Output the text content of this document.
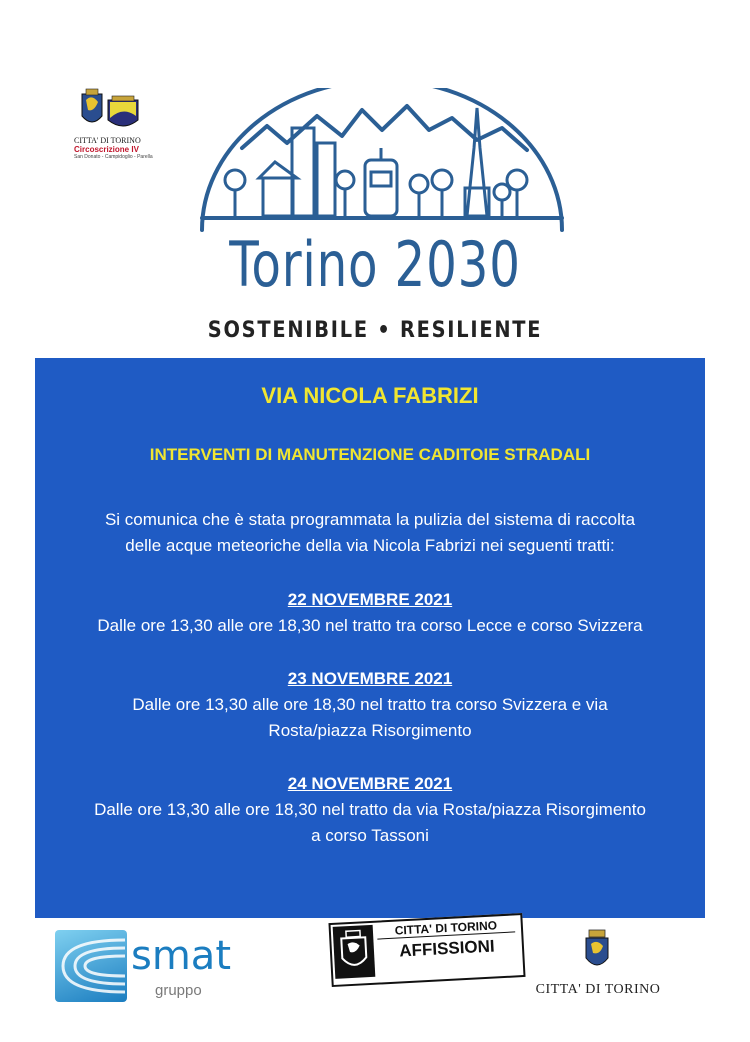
CITTA' DI TORINO
Circoscrizione IV
San Donato - Campidoglio - Parella
Torino 2030
SOSTENIBILE • RESILIENTE
VIA NICOLA FABRIZI
INTERVENTI DI MANUTENZIONE CADITOIE STRADALI
Si comunica che è stata programmata la pulizia del sistema di raccolta
delle acque meteoriche della via Nicola Fabrizi nei seguenti tratti:
22 NOVEMBRE 2021
Dalle ore 13,30 alle ore 18,30 nel tratto tra corso Lecce e corso Svizzera
23 NOVEMBRE 2021
Dalle ore 13,30 alle ore 18,30 nel tratto tra corso Svizzera e via
Rosta/piazza Risorgimento
24 NOVEMBRE 2021
Dalle ore 13,30 alle ore 18,30 nel tratto da via Rosta/piazza Risorgimento
a corso Tassoni
smat
gruppo
CITTA' DI TORINO
AFFISSIONI
CITTA' DI TORINO
